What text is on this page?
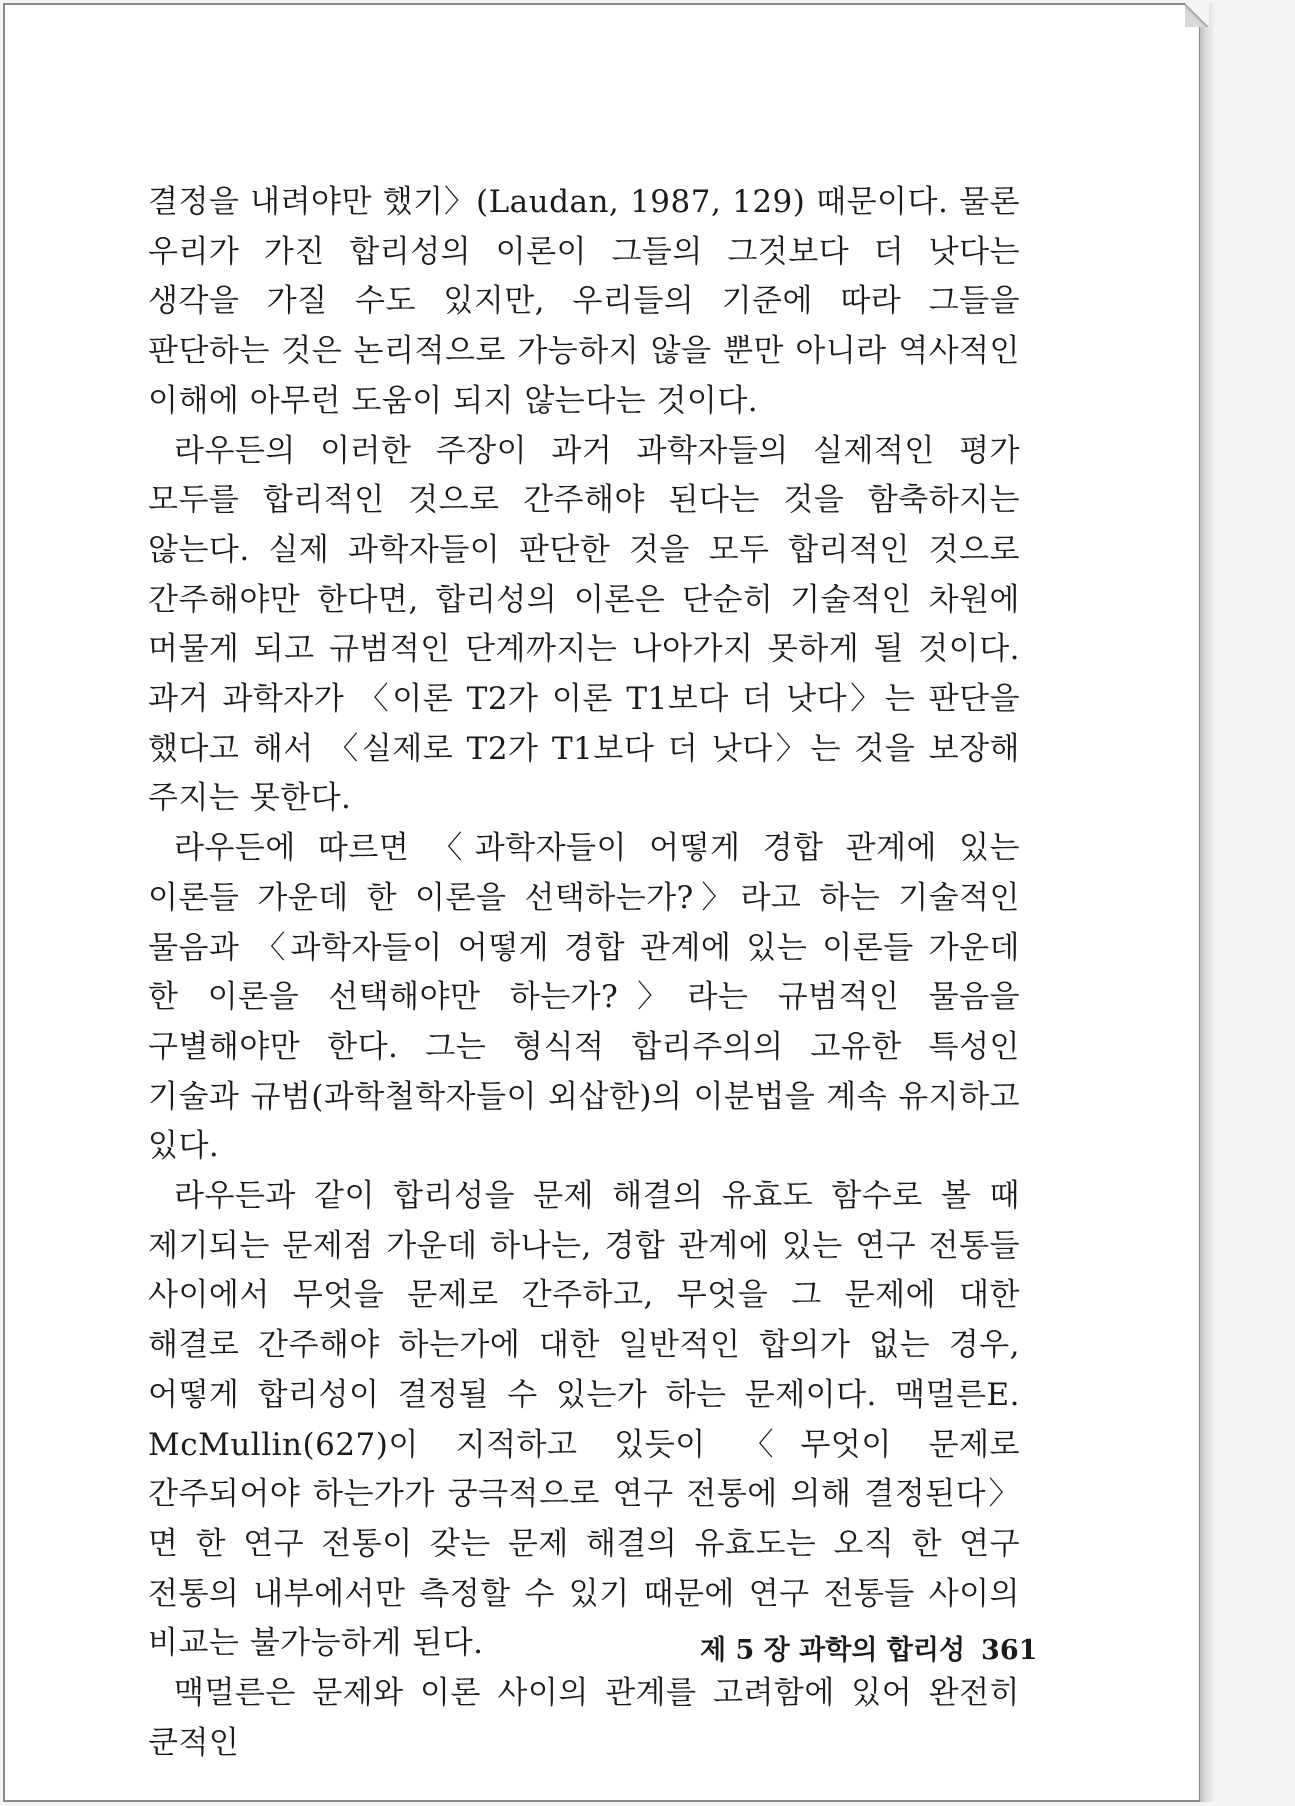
결정을 내려야만 했기〉(Laudan, 1987, 129) 때문이다. 물론 우리가 가진 합리성의 이론이 그들의 그것보다 더 낫다는 생각을 가질 수도 있지만, 우리들의 기준에 따라 그들을 판단하는 것은 논리적으로 가능하지 않을 뿐만 아니라 역사적인 이해에 아무런 도움이 되지 않는다는 것이다.

라우든의 이러한 주장이 과거 과학자들의 실제적인 평가 모두를 합리적인 것으로 간주해야 된다는 것을 함축하지는 않는다. 실제 과학자들이 판단한 것을 모두 합리적인 것으로 간주해야만 한다면, 합리성의 이론은 단순히 기술적인 차원에 머물게 되고 규범적인 단계까지는 나아가지 못하게 될 것이다. 과거 과학자가 〈이론 T2가 이론 T1보다 더 낫다〉는 판단을 했다고 해서 〈실제로 T2가 T1보다 더 낫다〉는 것을 보장해 주지는 못한다.

라우든에 따르면 〈과학자들이 어떻게 경합 관계에 있는 이론들 가운데 한 이론을 선택하는가?〉라고 하는 기술적인 물음과 〈과학자들이 어떻게 경합 관계에 있는 이론들 가운데 한 이론을 선택해야만 하는가?〉라는 규범적인 물음을 구별해야만 한다. 그는 형식적 합리주의의 고유한 특성인 기술과 규범(과학철학자들이 외삽한)의 이분법을 계속 유지하고 있다.

라우든과 같이 합리성을 문제 해결의 유효도 함수로 볼 때 제기되는 문제점 가운데 하나는, 경합 관계에 있는 연구 전통들 사이에서 무엇을 문제로 간주하고, 무엇을 그 문제에 대한 해결로 간주해야 하는가에 대한 일반적인 합의가 없는 경우, 어떻게 합리성이 결정될 수 있는가 하는 문제이다. 맥멀른E. McMullin(627)이 지적하고 있듯이 〈무엇이 문제로 간주되어야 하는가가 궁극적으로 연구 전통에 의해 결정된다〉면 한 연구 전통이 갖는 문제 해결의 유효도는 오직 한 연구 전통의 내부에서만 측정할 수 있기 때문에 연구 전통들 사이의 비교는 불가능하게 된다.

맥멀른은 문제와 이론 사이의 관계를 고려함에 있어 완전히 쿤적인

제 5 장 과학의 합리성 361
